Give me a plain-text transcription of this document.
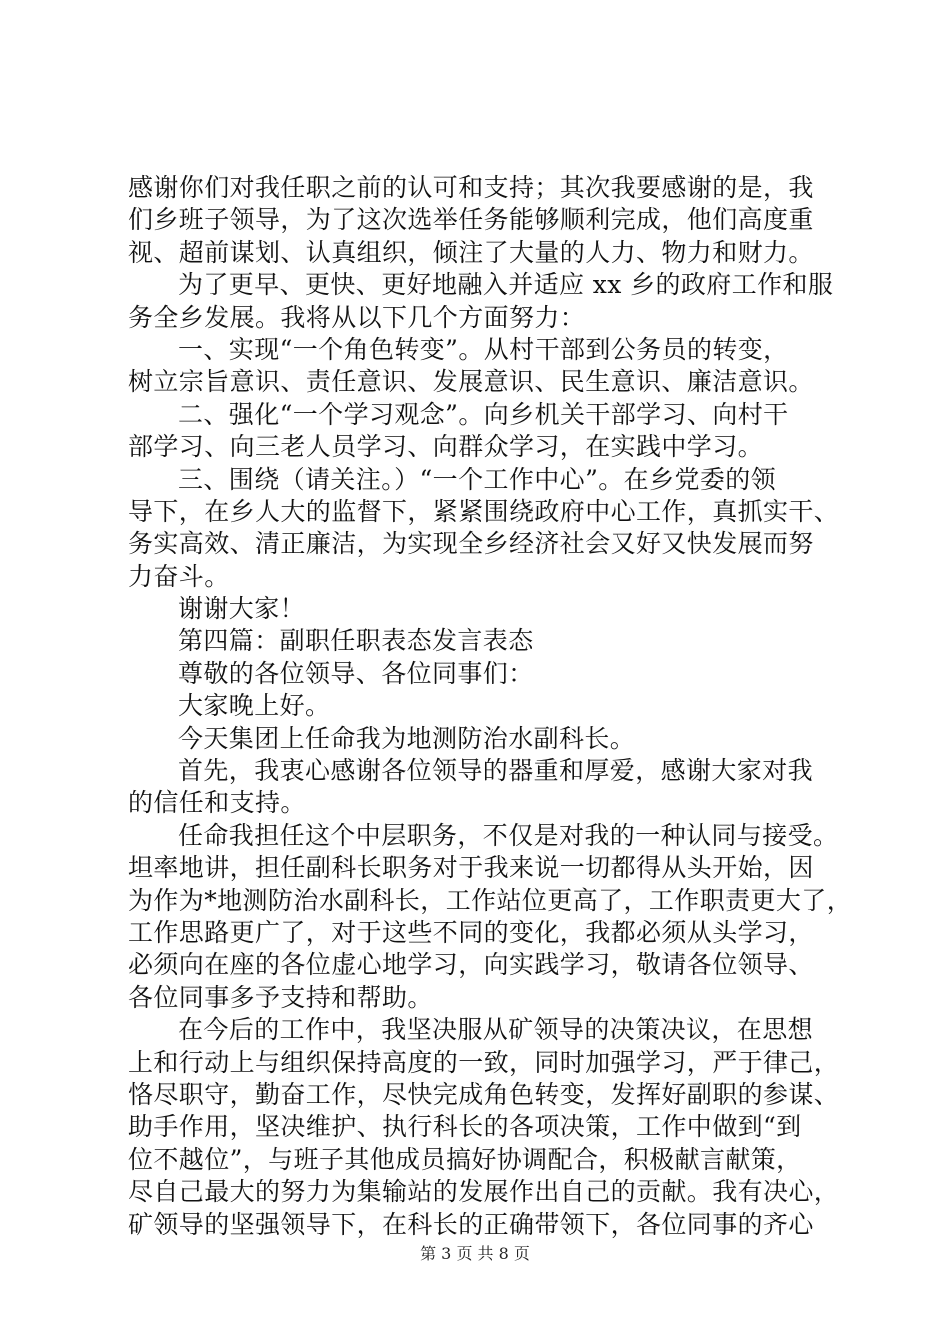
感谢你们对我任职之前的认可和支持；其次我要感谢的是，我
们乡班子领导，为了这次选举任务能够顺利完成，他们高度重
视、超前谋划、认真组织，倾注了大量的人力、物力和财力。
为了更早、更快、更好地融入并适应 xx 乡的政府工作和服
务全乡发展。我将从以下几个方面努力：
一、实现“一个角色转变”。从村干部到公务员的转变，
树立宗旨意识、责任意识、发展意识、民生意识、廉洁意识。
二、强化“一个学习观念”。向乡机关干部学习、向村干
部学习、向三老人员学习、向群众学习，在实践中学习。
三、围绕（请关注。）“一个工作中心”。在乡党委的领
导下，在乡人大的监督下，紧紧围绕政府中心工作，真抓实干、
务实高效、清正廉洁，为实现全乡经济社会又好又快发展而努
力奋斗。
谢谢大家！
第四篇：副职任职表态发言表态
尊敬的各位领导、各位同事们：
大家晚上好。
今天集团上任命我为地测防治水副科长。
首先，我衷心感谢各位领导的器重和厚爱，感谢大家对我
的信任和支持。
任命我担任这个中层职务，不仅是对我的一种认同与接受。
坦率地讲，担任副科长职务对于我来说一切都得从头开始，因
为作为*地测防治水副科长，工作站位更高了，工作职责更大了，
工作思路更广了，对于这些不同的变化，我都必须从头学习，
必须向在座的各位虚心地学习，向实践学习，敬请各位领导、
各位同事多予支持和帮助。
在今后的工作中，我坚决服从矿领导的决策决议，在思想
上和行动上与组织保持高度的一致，同时加强学习，严于律己，
恪尽职守，勤奋工作，尽快完成角色转变，发挥好副职的参谋、
助手作用，坚决维护、执行科长的各项决策，工作中做到“到
位不越位”，与班子其他成员搞好协调配合，积极献言献策，
尽自己最大的努力为集输站的发展作出自己的贡献。我有决心，
矿领导的坚强领导下，在科长的正确带领下，各位同事的齐心
第 3 页 共 8 页
